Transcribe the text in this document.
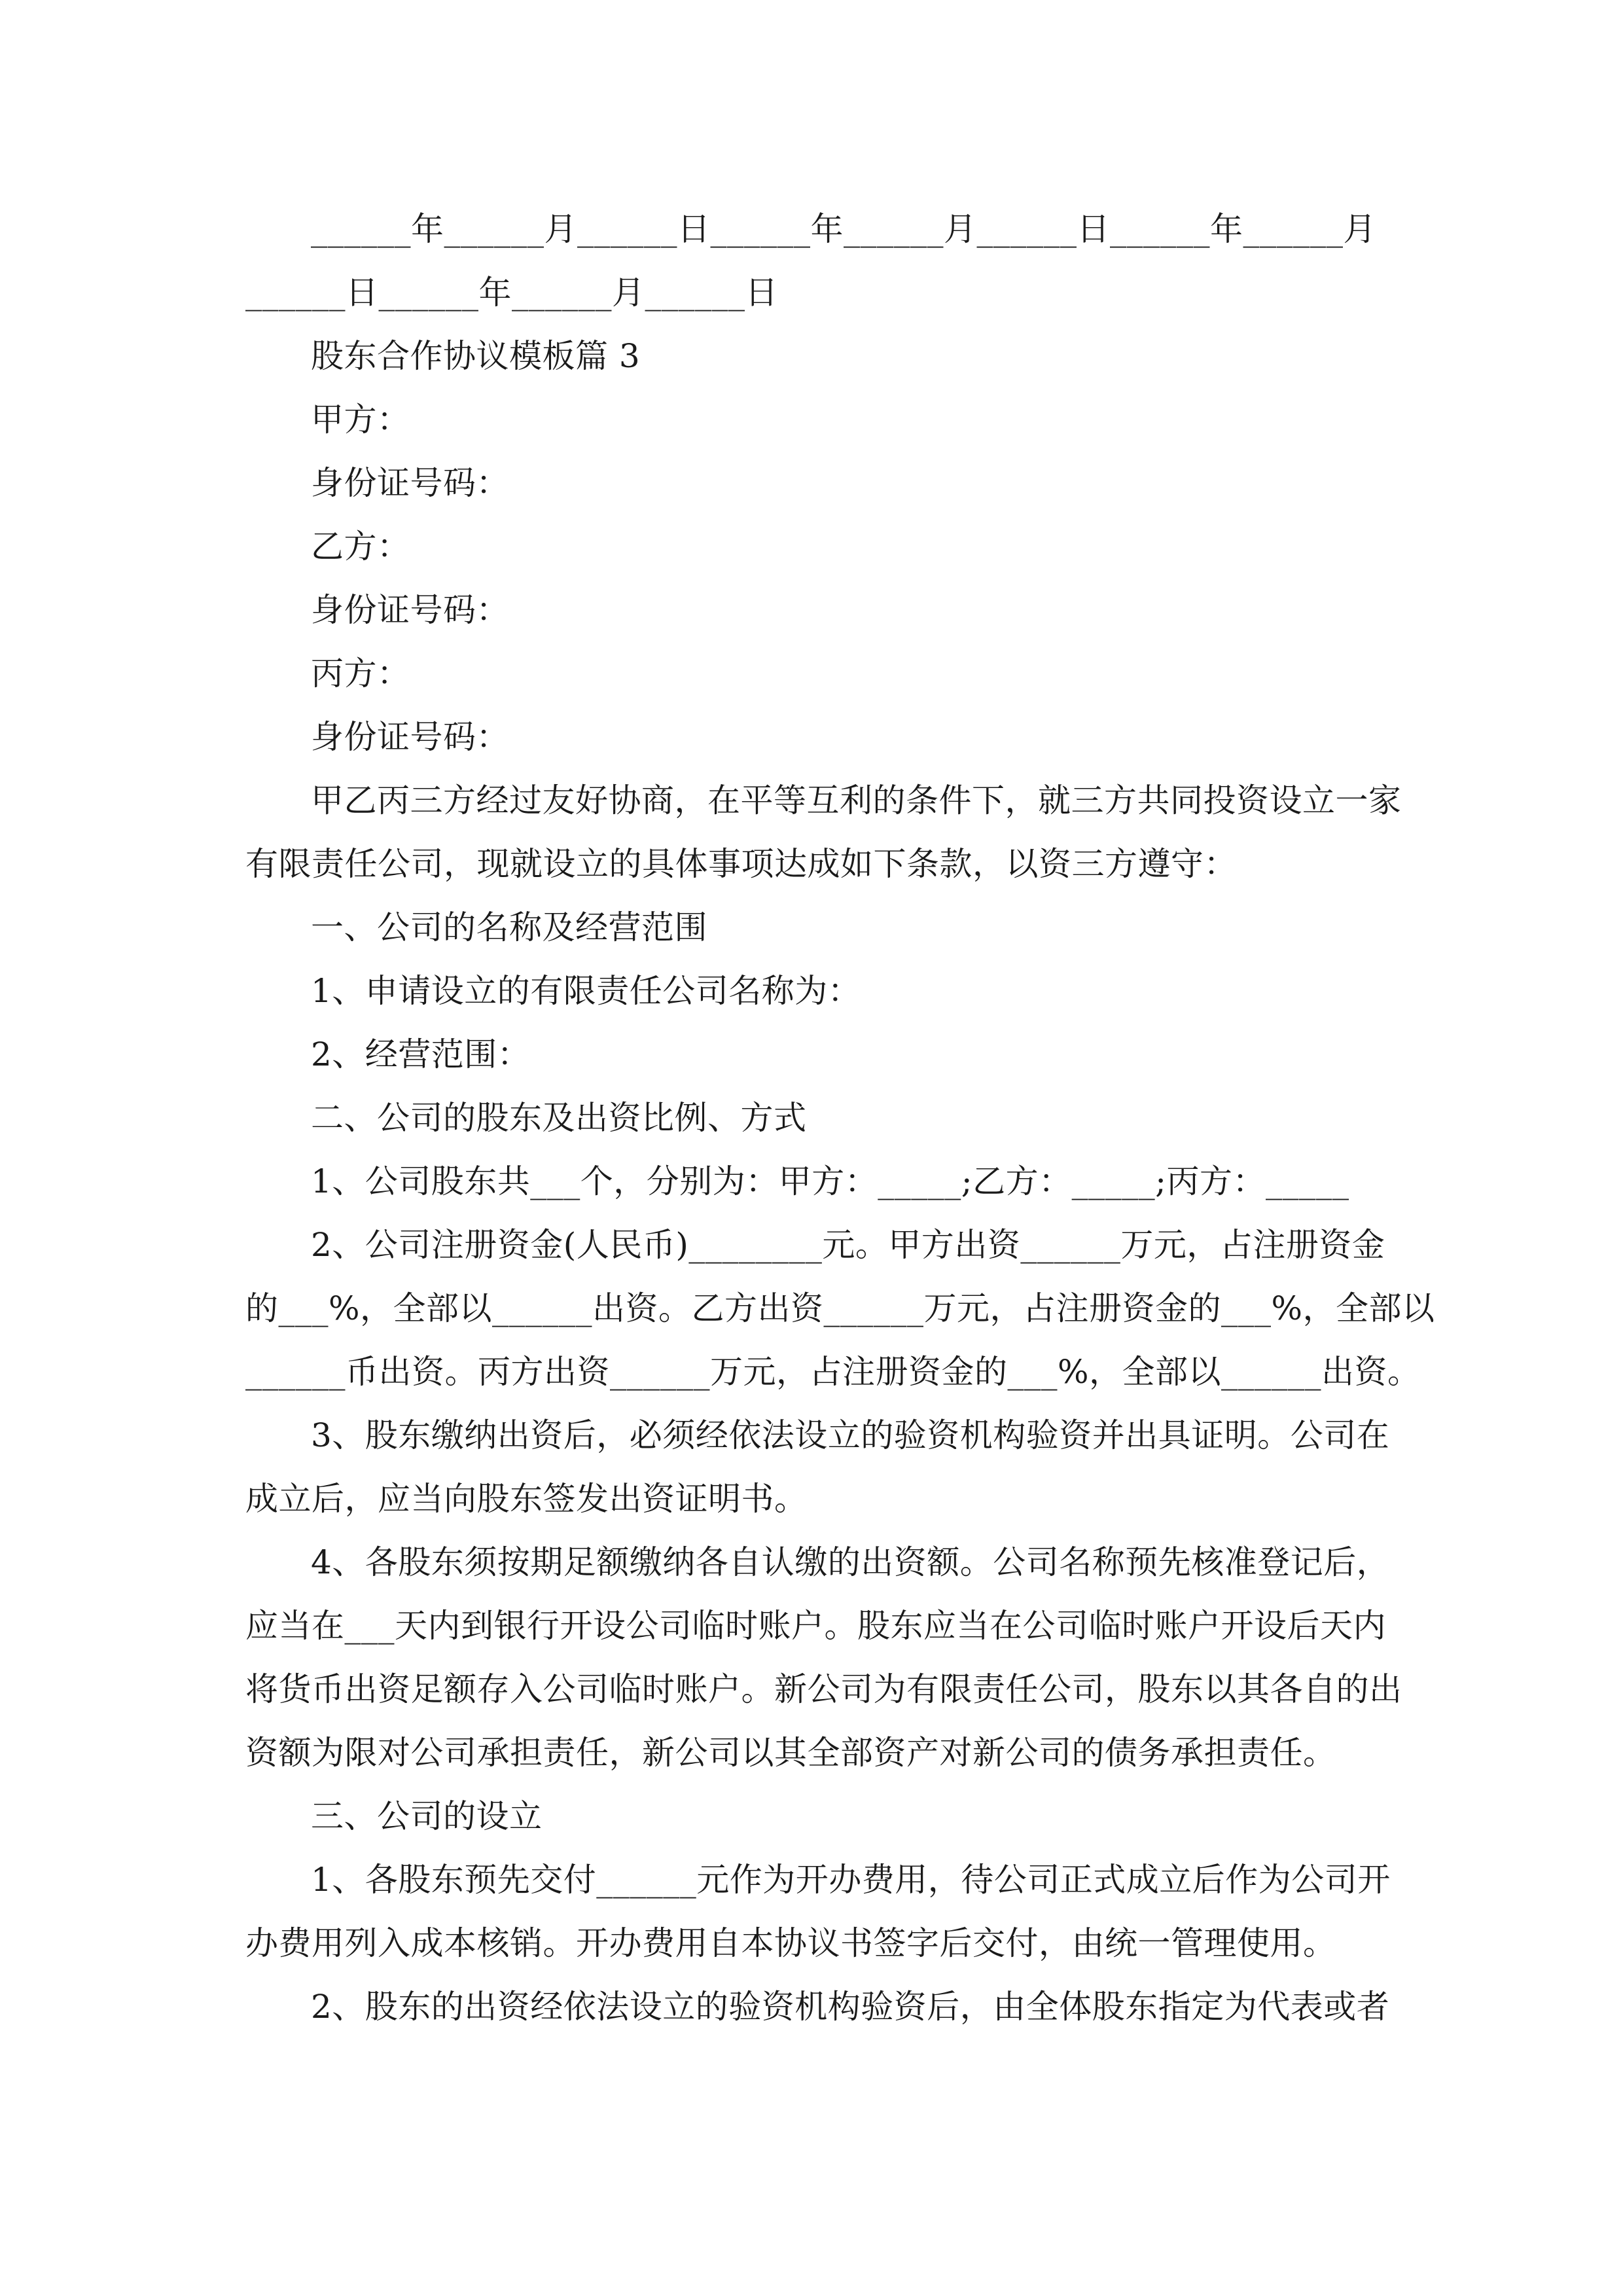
______年______月______日______年______月______日______年______月
______日______年______月______日
股东合作协议模板篇 3
甲方：
身份证号码：
乙方：
身份证号码：
丙方：
身份证号码：
甲乙丙三方经过友好协商，在平等互利的条件下，就三方共同投资设立一家
有限责任公司，现就设立的具体事项达成如下条款，以资三方遵守：
一、公司的名称及经营范围
1、申请设立的有限责任公司名称为：
2、经营范围：
二、公司的股东及出资比例、方式
1、公司股东共___个，分别为：甲方：_____;乙方：_____;丙方：_____
2、公司注册资金(人民币)________元。甲方出资______万元，占注册资金
的___%，全部以______出资。乙方出资______万元，占注册资金的___%，全部以
______币出资。丙方出资______万元，占注册资金的___%，全部以______出资。
3、股东缴纳出资后，必须经依法设立的验资机构验资并出具证明。公司在
成立后，应当向股东签发出资证明书。
4、各股东须按期足额缴纳各自认缴的出资额。公司名称预先核准登记后，
应当在___天内到银行开设公司临时账户。股东应当在公司临时账户开设后天内
将货币出资足额存入公司临时账户。新公司为有限责任公司，股东以其各自的出
资额为限对公司承担责任，新公司以其全部资产对新公司的债务承担责任。
三、公司的设立
1、各股东预先交付______元作为开办费用，待公司正式成立后作为公司开
办费用列入成本核销。开办费用自本协议书签字后交付，由统一管理使用。
2、股东的出资经依法设立的验资机构验资后，由全体股东指定为代表或者
